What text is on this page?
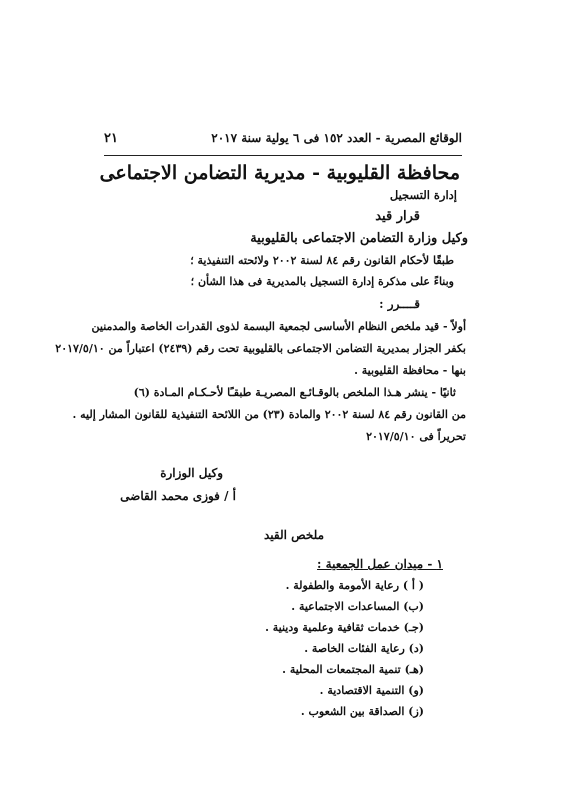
الوقائع المصرية - العدد ١٥٢ فى ٦ يولية سنة ٢٠١٧
٢١
محافظة القليوبية - مديرية التضامن الاجتماعى
إدارة التسجيل
قرار قيد
وكيل وزارة التضامن الاجتماعى بالقليوبية
طبقًا لأحكام القانون رقم ٨٤ لسنة ٢٠٠٢ ولائحته التنفيذية ؛
وبناءً على مذكرة إدارة التسجيل بالمديرية فى هذا الشأن ؛
قــــرر :
أولاً - قيد ملخص النظام الأساسى لجمعية البسمة لذوى القدرات الخاصة والمدمنين
بكفر الجزار بمديرية التضامن الاجتماعى بالقليوبية تحت رقم (٢٤٣٩) اعتباراً من ٢٠١٧/٥/١٠
بنها - محافظة القليوبية .
ثانيًا - ينشر هـذا الملخص بالوقـائـع المصريـة طبقـًا لأحـكـام المـادة (٦)
من القانون رقم ٨٤ لسنة ٢٠٠٢ والمادة (٢٣) من اللائحة التنفيذية للقانون المشار إليه .
تحريراً فى ٢٠١٧/٥/١٠
وكيل الوزارة
أ / فوزى محمد القاضى
ملخص القيد
١ - ميدان عمل الجمعية :
( أ ) رعاية الأمومة والطفولة .
(ب) المساعدات الاجتماعية .
(جـ) خدمات ثقافية وعلمية ودينية .
(د) رعاية الفئات الخاصة .
(هـ) تنمية المجتمعات المحلية .
(و) التنمية الاقتصادية .
(ز) الصداقة بين الشعوب .
